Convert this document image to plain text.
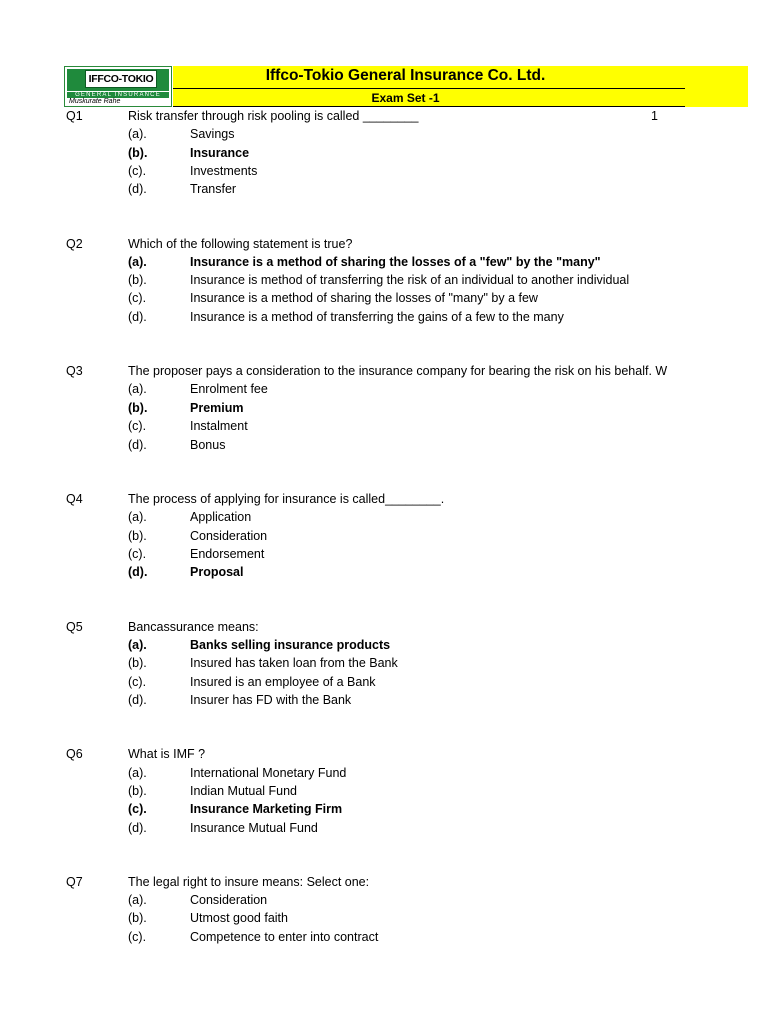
IFFCO-TOKIO
GENERAL INSURANCE
Muskurate Rahe
Iffco-Tokio General Insurance Co. Ltd.
Exam Set -1
1
Q1	Risk transfer through risk pooling is called ________
(a).	Savings
(b).	Insurance
(c).	Investments
(d).	Transfer
Q2	Which of the following statement is true?
(a).	Insurance is a method of sharing the losses of a "few" by the "many"
(b).	Insurance is method of transferring the risk of an individual to another individual
(c).	Insurance is a method of sharing the losses of "many" by a few
(d).	Insurance is a method of transferring the gains of a few to the many
Q3	The proposer pays a consideration to the insurance company for bearing the risk on his behalf. W
(a).	Enrolment fee
(b).	Premium
(c).	Instalment
(d).	Bonus
Q4	The process of applying for insurance is called________.
(a).	Application
(b).	Consideration
(c).	Endorsement
(d).	Proposal
Q5	Bancassurance means:
(a).	Banks selling insurance products
(b).	Insured has taken loan from the Bank
(c).	Insured is an employee of a Bank
(d).	Insurer has FD with the Bank
Q6	What is IMF ?
(a).	International Monetary Fund
(b).	Indian Mutual Fund
(c).	Insurance Marketing Firm
(d).	Insurance Mutual Fund
Q7	The legal right to insure means: Select one:
(a).	Consideration
(b).	Utmost good faith
(c).	Competence to enter into contract
